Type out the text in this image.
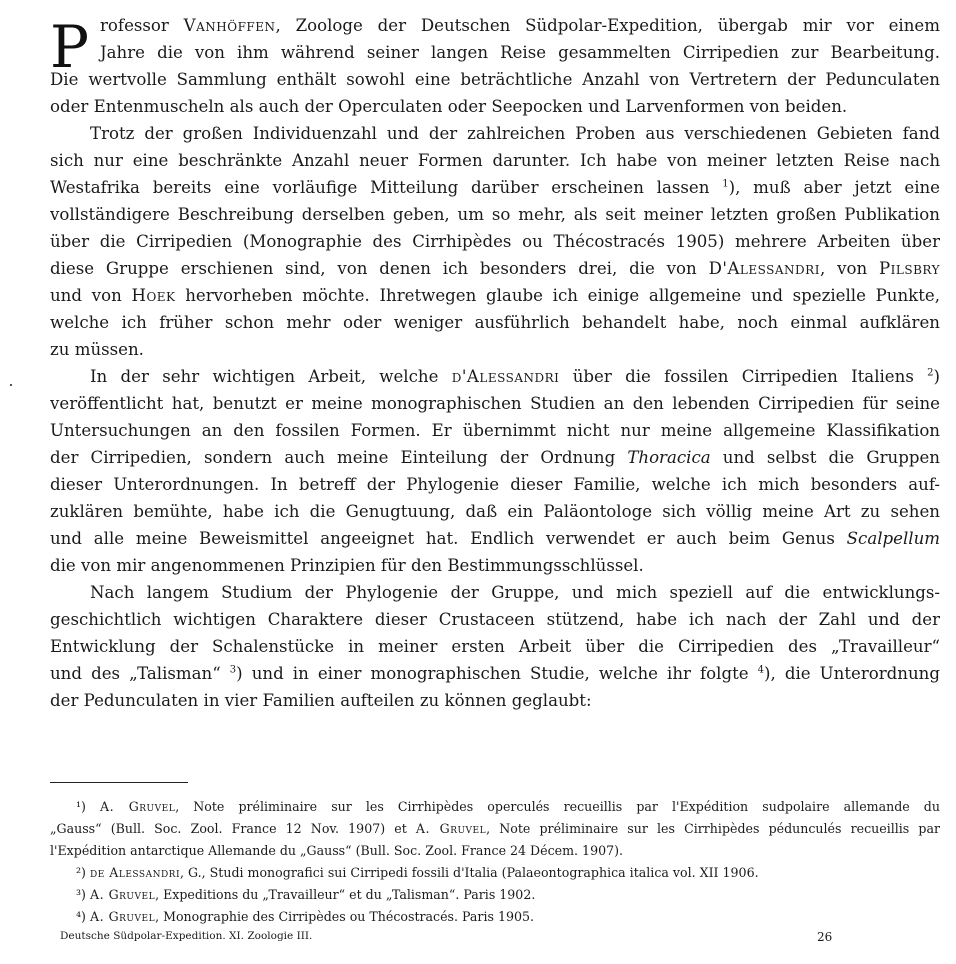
P rofessor Vanhöffen, Zoologe der Deutschen Südpolar-Expedition, übergab mir vor einem
Jahre die von ihm während seiner langen Reise gesammelten Cirripedien zur Bearbeitung.
Die wertvolle Sammlung enthält sowohl eine beträchtliche Anzahl von Vertretern der Pedunculaten
oder Entenmuscheln als auch der Operculaten oder Seepocken und Larvenformen von beiden.
Trotz der großen Individuenzahl und der zahlreichen Proben aus verschiedenen Gebieten fand
sich nur eine beschränkte Anzahl neuer Formen darunter. Ich habe von meiner letzten Reise nach
Westafrika bereits eine vorläufige Mitteilung darüber erscheinen lassen $^1$), muß aber jetzt eine
vollständigere Beschreibung derselben geben, um so mehr, als seit meiner letzten großen Publikation
über die Cirripedien (Monographie des Cirrhipèdes ou Thécostracés 1905) mehrere Arbeiten über
diese Gruppe erschienen sind, von denen ich besonders drei, die von D'Alessandri, von Pilsbry
und von Hoek hervorheben möchte. Ihretwegen glaube ich einige allgemeine und spezielle Punkte,
welche ich früher schon mehr oder weniger ausführlich behandelt habe, noch einmal aufklären
zu müssen.
In der sehr wichtigen Arbeit, welche d'Alessandri über die fossilen Cirripedien Italiens $^2$)
veröffentlicht hat, benutzt er meine monographischen Studien an den lebenden Cirripedien für seine
Untersuchungen an den fossilen Formen. Er übernimmt nicht nur meine allgemeine Klassifikation
der Cirripedien, sondern auch meine Einteilung der Ordnung Thoracica und selbst die Gruppen
dieser Unterordnungen. In betreff der Phylogenie dieser Familie, welche ich mich besonders auf-
zuklären bemühte, habe ich die Genugtuung, daß ein Paläontologe sich völlig meine Art zu sehen
und alle meine Beweismittel angeeignet hat. Endlich verwendet er auch beim Genus Scalpellum
die von mir angenommenen Prinzipien für den Bestimmungsschlüssel.
Nach langem Studium der Phylogenie der Gruppe, und mich speziell auf die entwicklungs-
geschichtlich wichtigen Charaktere dieser Crustaceen stützend, habe ich nach der Zahl und der
Entwicklung der Schalenstücke in meiner ersten Arbeit über die Cirripedien des „Travailleur“
und des „Talisman“ $^3$) und in einer monographischen Studie, welche ihr folgte $^4$), die Unterordnung
der Pedunculaten in vier Familien aufteilen zu können geglaubt:
¹) A. Gruvel, Note préliminaire sur les Cirrhipèdes operculés recueillis par l'Expédition sudpolaire allemande du
„Gauss“ (Bull. Soc. Zool. France 12 Nov. 1907) et A. Gruvel, Note préliminaire sur les Cirrhipèdes pédunculés recueillis par
l'Expédition antarctique Allemande du „Gauss“ (Bull. Soc. Zool. France 24 Décem. 1907).
²) de Alessandri, G., Studi monografici sui Cirripedi fossili d'Italia (Palaeontographica italica vol. XII 1906.
³) A. Gruvel, Expeditions du „Travailleur“ et du „Talisman“. Paris 1902.
⁴) A. Gruvel, Monographie des Cirripèdes ou Thécostracés. Paris 1905.
Deutsche Südpolar-Expedition. XI. Zoologie III.	26
